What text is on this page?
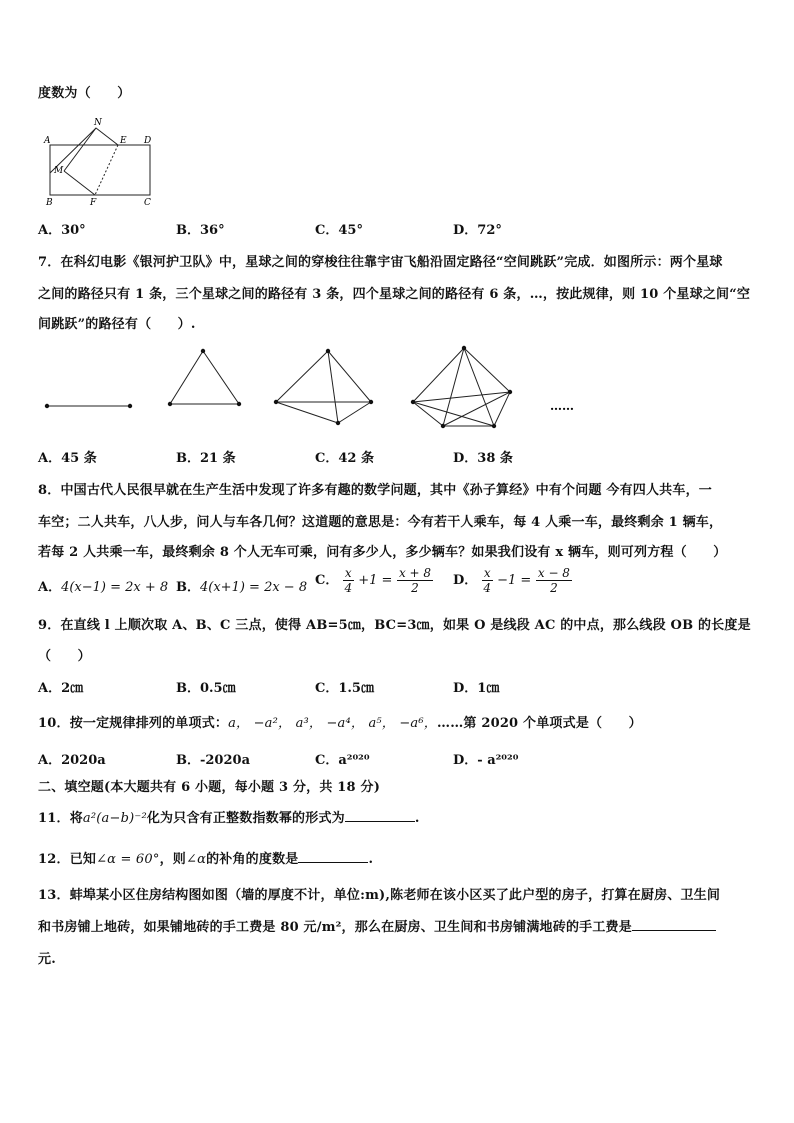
度数为（　　）
A
N
E D
M
B	F	C
A．30°	B．36°	C．45°	D．72°
7．在科幻电影《银河护卫队》中，星球之间的穿梭往往靠宇宙飞船沿固定路径“空间跳跃”完成．如图所示：两个星球
之间的路径只有 1 条，三个星球之间的路径有 3 条，四个星球之间的路径有 6 条，…，按此规律，则 10 个星球之间“空
间跳跃”的路径有（　　）.
……
A．45 条	B．21 条	C．42 条	D．38 条
8．中国古代人民很早就在生产生活中发现了许多有趣的数学问题，其中《孙子算经》中有个问题 今有四人共车，一
车空；二人共车，八人步，问人与车各几何？这道题的意思是：今有若干人乘车，每 4 人乘一车，最终剩余 1 辆车，
若每 2 人共乘一车，最终剩余 8 个人无车可乘，问有多少人，多少辆车？如果我们设有 x 辆车，则可列方程（　　）
A．4(x−1) = 2x + 8 B．4(x+1) = 2x − 8 C． $\frac{x}{4} +1 = \frac{x + 8}{2}$ D． $\frac{x}{4} -1 = \frac{x - 8}{2}$
9．在直线 l 上顺次取 A、B、C 三点，使得 AB=5㎝，BC=3㎝，如果 O 是线段 AC 的中点，那么线段 OB 的长度是
（　　）
A．2㎝	B．0.5㎝	C．1.5㎝	D．1㎝
10．按一定规律排列的单项式：a， −a²， a³， −a⁴， a⁵， −a⁶，……第 2020 个单项式是（　　）
A．2020a	B．-2020a	C．a²⁰²⁰	D．- a²⁰²⁰
二、填空题(本大题共有 6 小题，每小题 3 分，共 18 分)
11．将a²(a−b)⁻²化为只含有正整数指数幂的形式为	.
12．已知∠α = 60°，则∠α的补角的度数是	.
13．蚌埠某小区住房结构图如图（墙的厚度不计，单位:m),陈老师在该小区买了此户型的房子，打算在厨房、卫生间
和书房铺上地砖，如果铺地砖的手工费是 80 元/m²，那么在厨房、卫生间和书房铺满地砖的手工费是
元.
